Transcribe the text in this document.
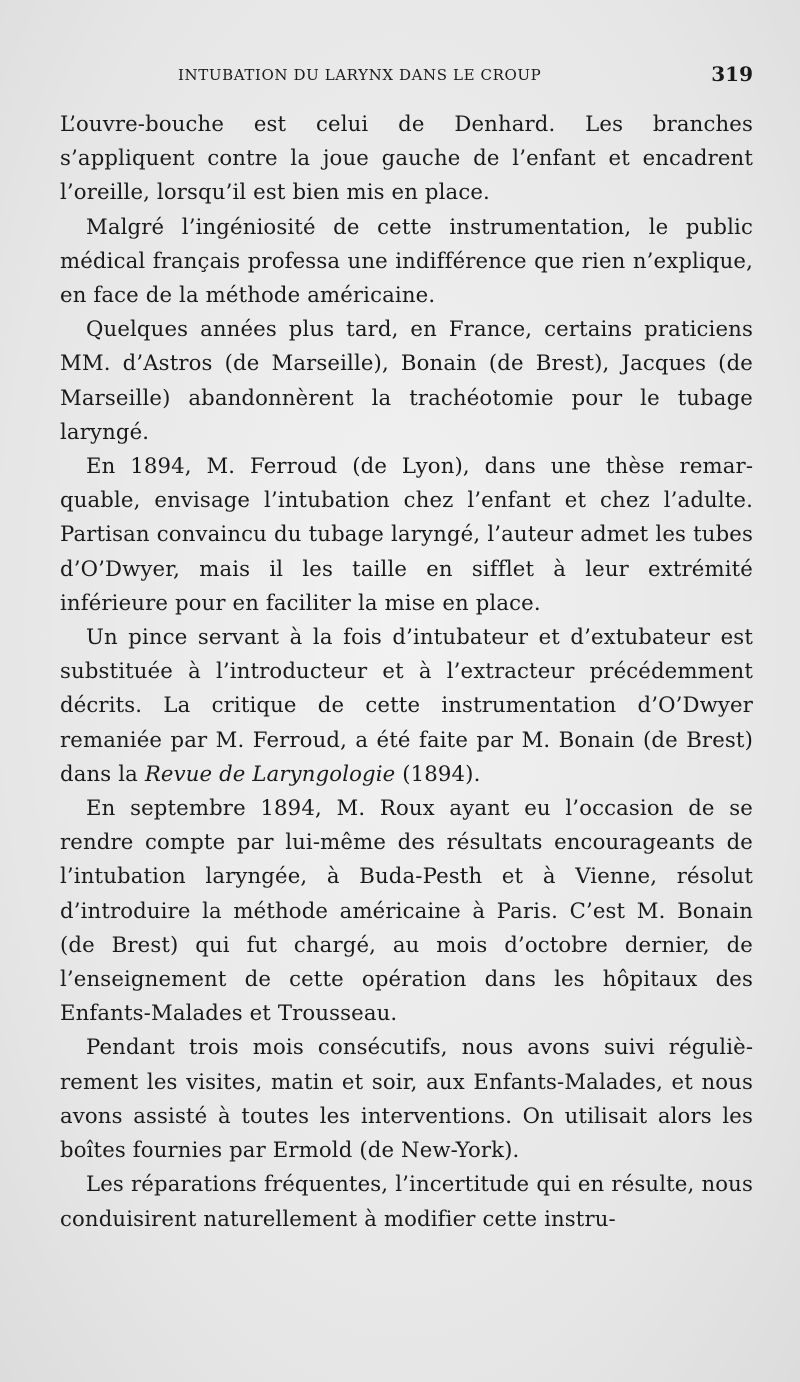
INTUBATION DU LARYNX DANS LE CROUP	319

L’ouvre-bouche est celui de Denhard. Les branches s’appliquent contre la joue gauche de l’enfant et encadrent l’oreille, lorsqu’il est bien mis en place.

Malgré l’ingéniosité de cette instrumentation, le public médical français professa une indifférence que rien n’explique, en face de la méthode américaine.

Quelques années plus tard, en France, certains praticiens MM. d’Astros (de Marseille), Bonain (de Brest), Jacques (de Marseille) abandonnèrent la trachéotomie pour le tubage laryngé.

En 1894, M. Ferroud (de Lyon), dans une thèse remarquable, envisage l’intubation chez l’enfant et chez l’adulte. Partisan convaincu du tubage laryngé, l’auteur admet les tubes d’O’Dwyer, mais il les taille en sifflet à leur extrémité inférieure pour en faciliter la mise en place.

Un pince servant à la fois d’intubateur et d’extubateur est substituée à l’introducteur et à l’extracteur précédemment décrits. La critique de cette instrumentation d’O’Dwyer remaniée par M. Ferroud, a été faite par M. Bonain (de Brest) dans la Revue de Laryngologie (1894).

En septembre 1894, M. Roux ayant eu l’occasion de se rendre compte par lui-même des résultats encourageants de l’intubation laryngée, à Buda-Pesth et à Vienne, résolut d’introduire la méthode américaine à Paris. C’est M. Bonain (de Brest) qui fut chargé, au mois d’octobre dernier, de l’enseignement de cette opération dans les hôpitaux des Enfants-Malades et Trousseau.

Pendant trois mois consécutifs, nous avons suivi régulièrement les visites, matin et soir, aux Enfants-Malades, et nous avons assisté à toutes les interventions. On utilisait alors les boîtes fournies par Ermold (de New-York).

Les réparations fréquentes, l’incertitude qui en résulte, nous conduisirent naturellement à modifier cette instru-
